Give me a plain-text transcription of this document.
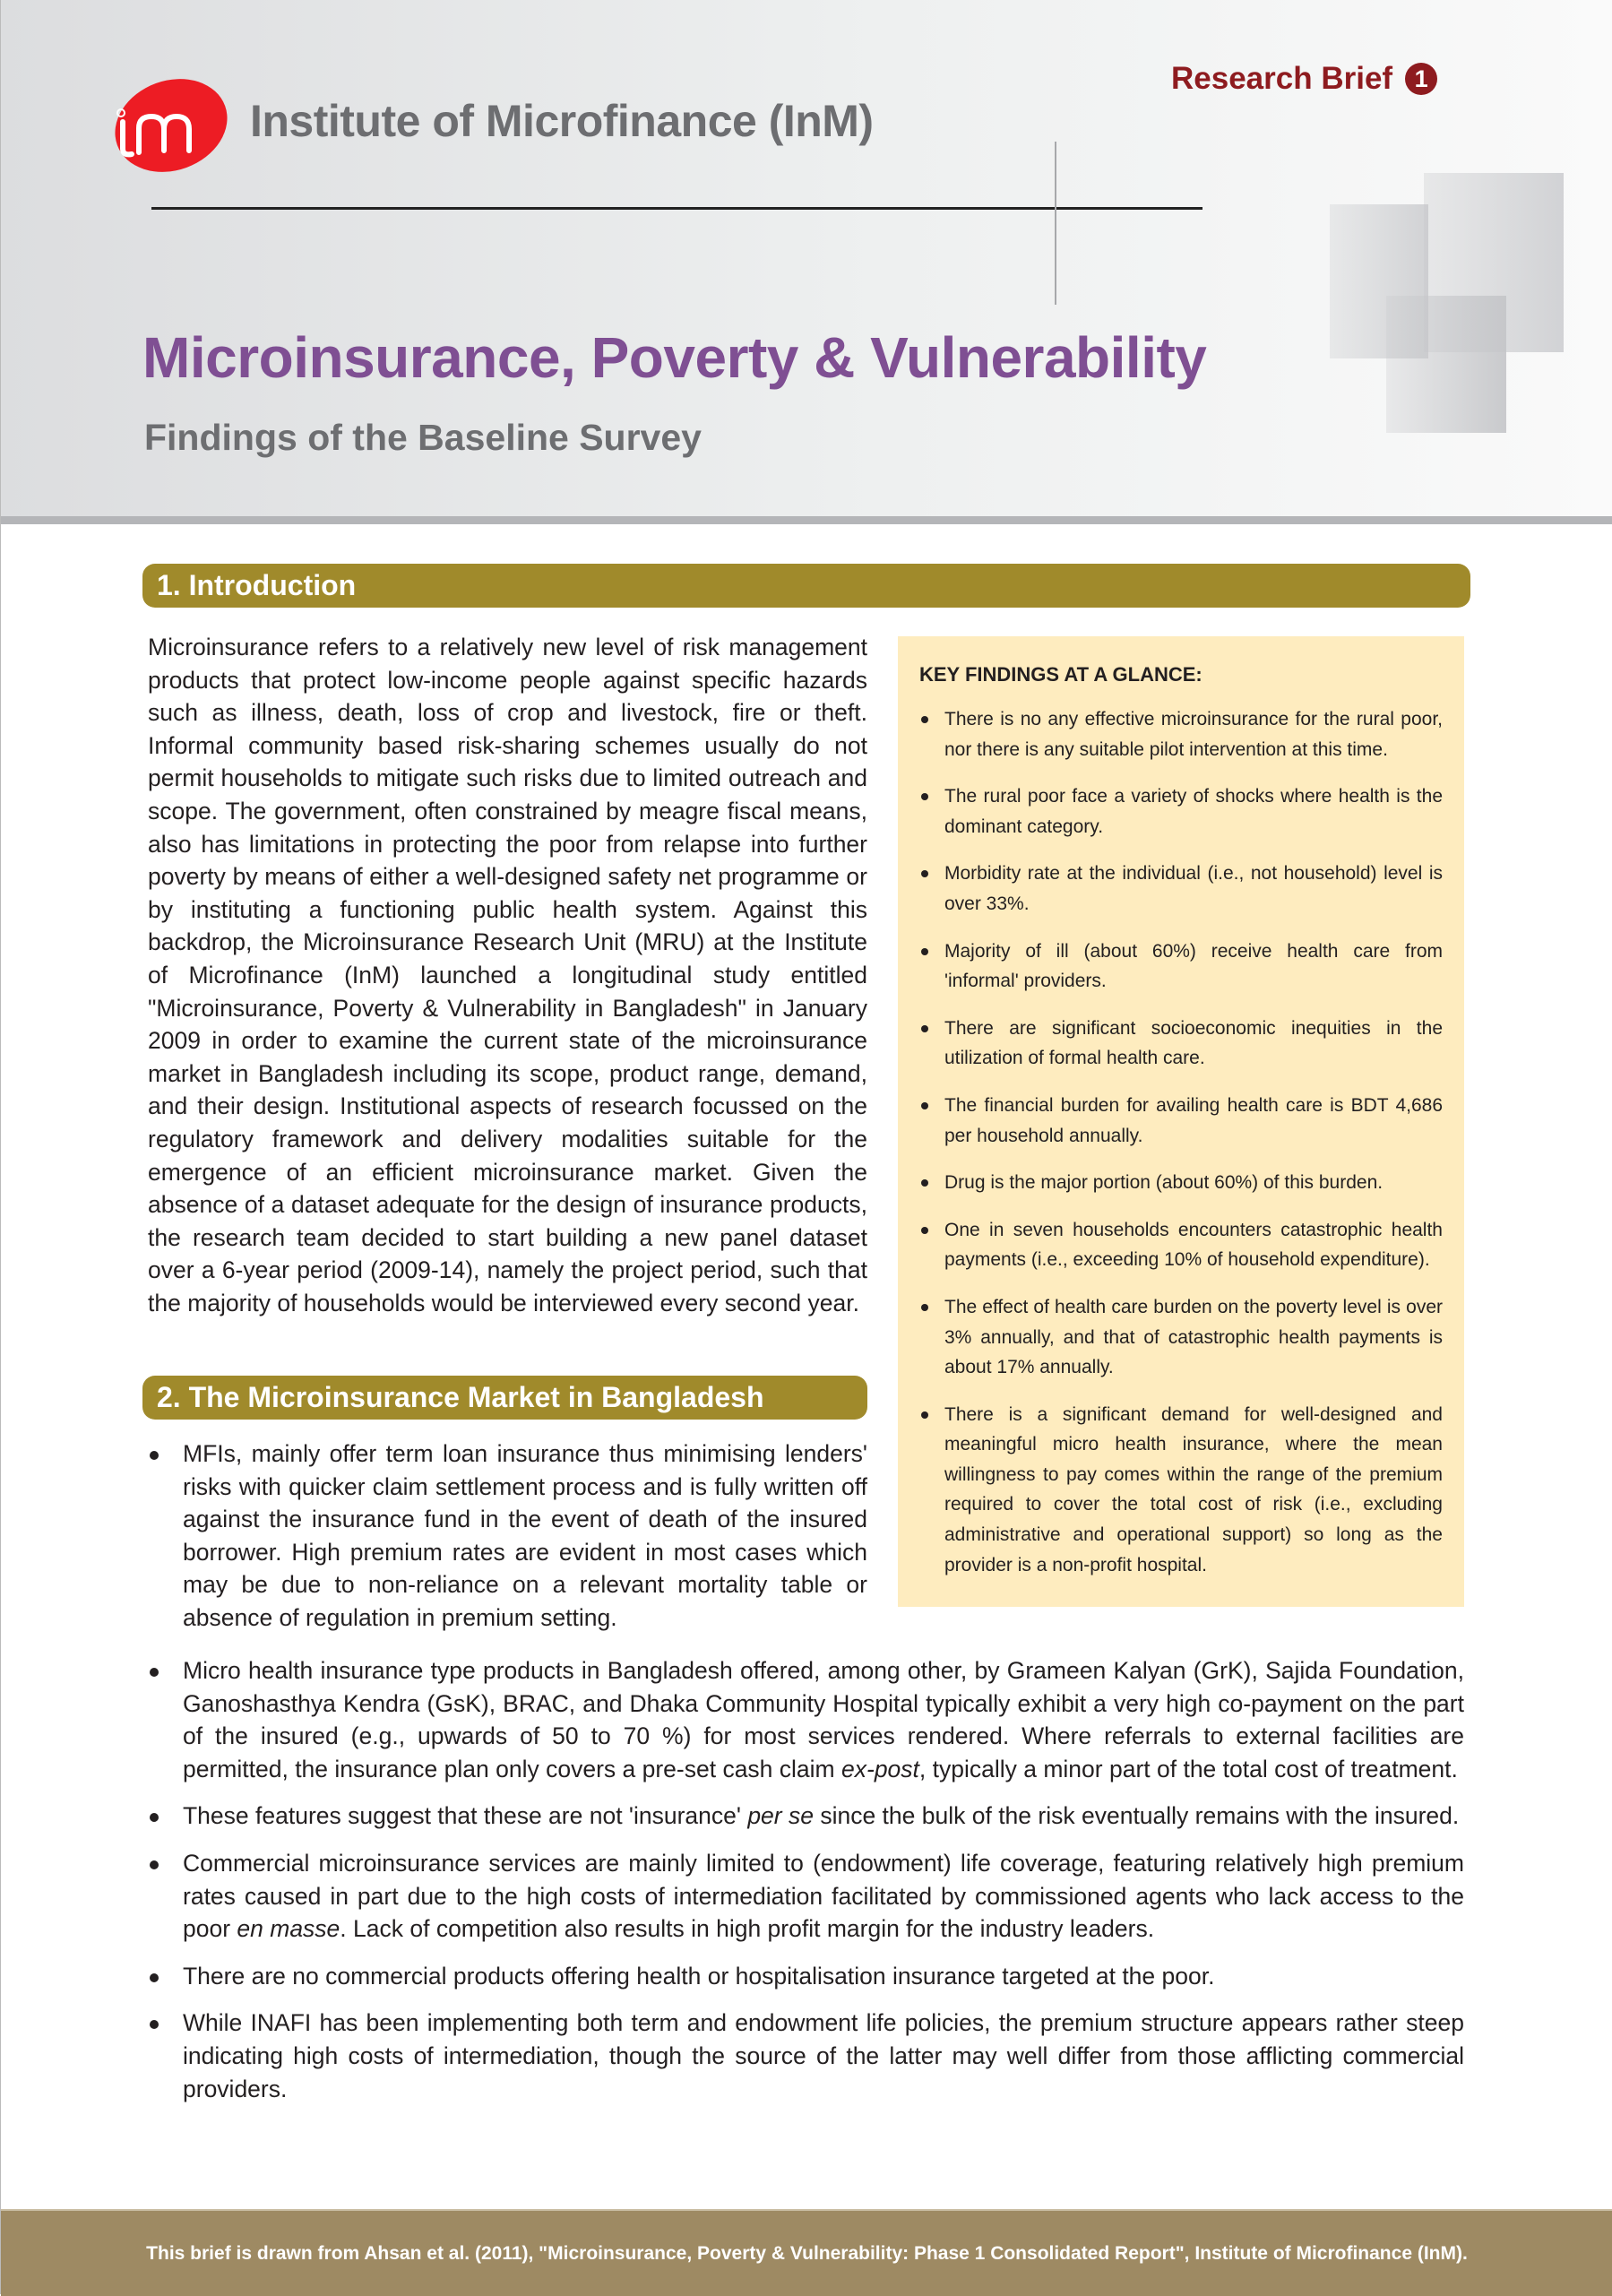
Institute of Microfinance (InM)
Research Brief 1
Microinsurance, Poverty & Vulnerability
Findings of the Baseline Survey
1. Introduction

Microinsurance refers to a relatively new level of risk management products that protect low-income people against specific hazards such as illness, death, loss of crop and livestock, fire or theft. Informal community based risk-sharing schemes usually do not permit households to mitigate such risks due to limited outreach and scope. The government, often constrained by meagre fiscal means, also has limitations in protecting the poor from relapse into further poverty by means of either a well-designed safety net programme or by instituting a functioning public health system. Against this backdrop, the Microinsurance Research Unit (MRU) at the Institute of Microfinance (InM) launched a longitudinal study entitled "Microinsurance, Poverty & Vulnerability in Bangladesh" in January 2009 in order to examine the current state of the microinsurance market in Bangladesh including its scope, product range, demand, and their design. Institutional aspects of research focussed on the regulatory framework and delivery modalities suitable for the emergence of an efficient microinsurance market. Given the absence of a dataset adequate for the design of insurance products, the research team decided to start building a new panel dataset over a 6-year period (2009-14), namely the project period, such that the majority of households would be interviewed every second year.

KEY FINDINGS AT A GLANCE:
There is no any effective microinsurance for the rural poor, nor there is any suitable pilot intervention at this time.
The rural poor face a variety of shocks where health is the dominant category.
Morbidity rate at the individual (i.e., not household) level is over 33%.
Majority of ill (about 60%) receive health care from 'informal' providers.
There are significant socioeconomic inequities in the utilization of formal health care.
The financial burden for availing health care is BDT 4,686 per household annually.
Drug is the major portion (about 60%) of this burden.
One in seven households encounters catastrophic health payments (i.e., exceeding 10% of household expenditure).
The effect of health care burden on the poverty level is over 3% annually, and that of catastrophic health payments is about 17% annually.
There is a significant demand for well-designed and meaningful micro health insurance, where the mean willingness to pay comes within the range of the premium required to cover the total cost of risk (i.e., excluding administrative and operational support) so long as the provider is a non-profit hospital.
2. The Microinsurance Market in Bangladesh
MFIs, mainly offer term loan insurance thus minimising lenders' risks with quicker claim settlement process and is fully written off against the insurance fund in the event of death of the insured borrower. High premium rates are evident in most cases which may be due to non-reliance on a relevant mortality table or absence of regulation in premium setting.
Micro health insurance type products in Bangladesh offered, among other, by Grameen Kalyan (GrK), Sajida Foundation, Ganoshasthya Kendra (GsK), BRAC, and Dhaka Community Hospital typically exhibit a very high co-payment on the part of the insured (e.g., upwards of 50 to 70 %) for most services rendered. Where referrals to external facilities are permitted, the insurance plan only covers a pre-set cash claim ex-post, typically a minor part of the total cost of treatment.
These features suggest that these are not 'insurance' per se since the bulk of the risk eventually remains with the insured.
Commercial microinsurance services are mainly limited to (endowment) life coverage, featuring relatively high premium rates caused in part due to the high costs of intermediation facilitated by commissioned agents who lack access to the poor en masse. Lack of competition also results in high profit margin for the industry leaders.
There are no commercial products offering health or hospitalisation insurance targeted at the poor.
While INAFI has been implementing both term and endowment life policies, the premium structure appears rather steep indicating high costs of intermediation, though the source of the latter may well differ from those afflicting commercial providers.
This brief is drawn from Ahsan et al. (2011), "Microinsurance, Poverty & Vulnerability: Phase 1 Consolidated Report", Institute of Microfinance (InM).
